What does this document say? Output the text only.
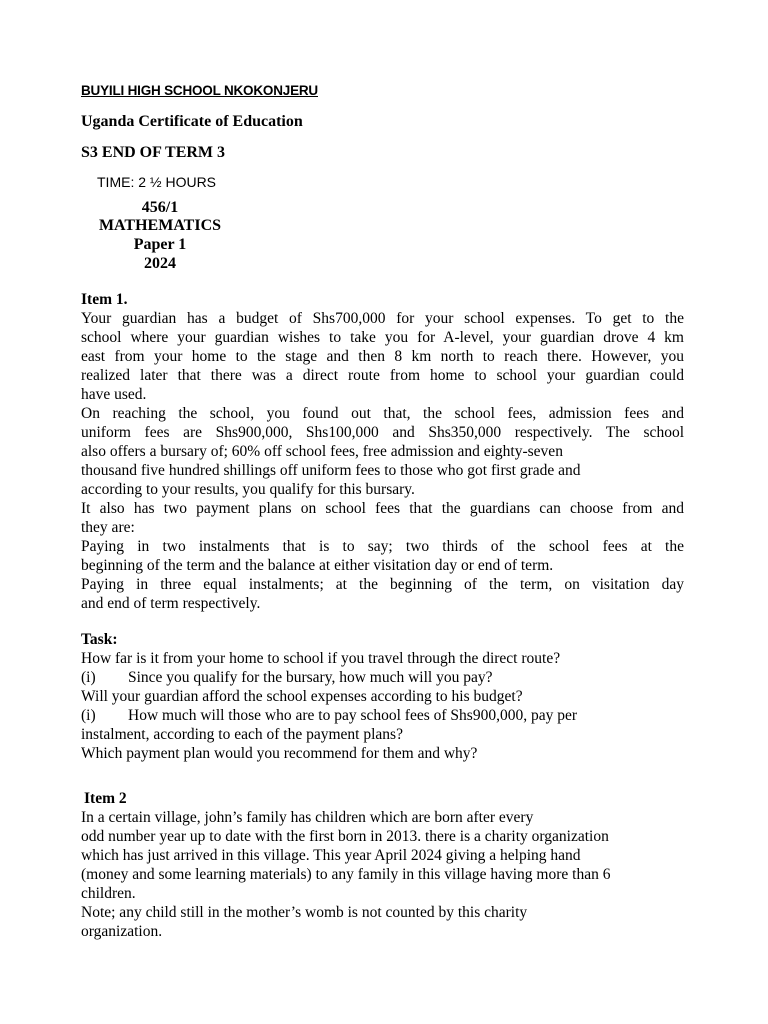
BUYILI HIGH SCHOOL NKOKONJERU
Uganda Certificate of Education
S3 END OF TERM 3
TIME: 2 ½ HOURS
456/1
MATHEMATICS
Paper 1
2024
Item 1.
Your guardian has a budget of Shs700,000 for your school expenses. To get to the
school where your guardian wishes to take you for A-level, your guardian drove 4 km
east from your home to the stage and then 8 km north to reach there. However, you
realized later that there was a direct route from home to school your guardian could
have used.
On reaching the school, you found out that, the school fees, admission fees and
uniform fees are Shs900,000, Shs100,000 and Shs350,000 respectively. The school
also offers a bursary of; 60% off school fees, free admission and eighty-seven
thousand five hundred shillings off uniform fees to those who got first grade and
according to your results, you qualify for this bursary.
It also has two payment plans on school fees that the guardians can choose from and
they are:
Paying in two instalments that is to say; two thirds of the school fees at the
beginning of the term and the balance at either visitation day or end of term.
Paying in three equal instalments; at the beginning of the term, on visitation day
and end of term respectively.
Task:
How far is it from your home to school if you travel through the direct route?
(i) Since you qualify for the bursary, how much will you pay?
Will your guardian afford the school expenses according to his budget?
(i) How much will those who are to pay school fees of Shs900,000, pay per
instalment, according to each of the payment plans?
Which payment plan would you recommend for them and why?
Item 2
In a certain village, john’s family has children which are born after every
odd number year up to date with the first born in 2013. there is a charity organization
which has just arrived in this village. This year April 2024 giving a helping hand
(money and some learning materials) to any family in this village having more than 6
children.
Note; any child still in the mother’s womb is not counted by this charity
organization.
